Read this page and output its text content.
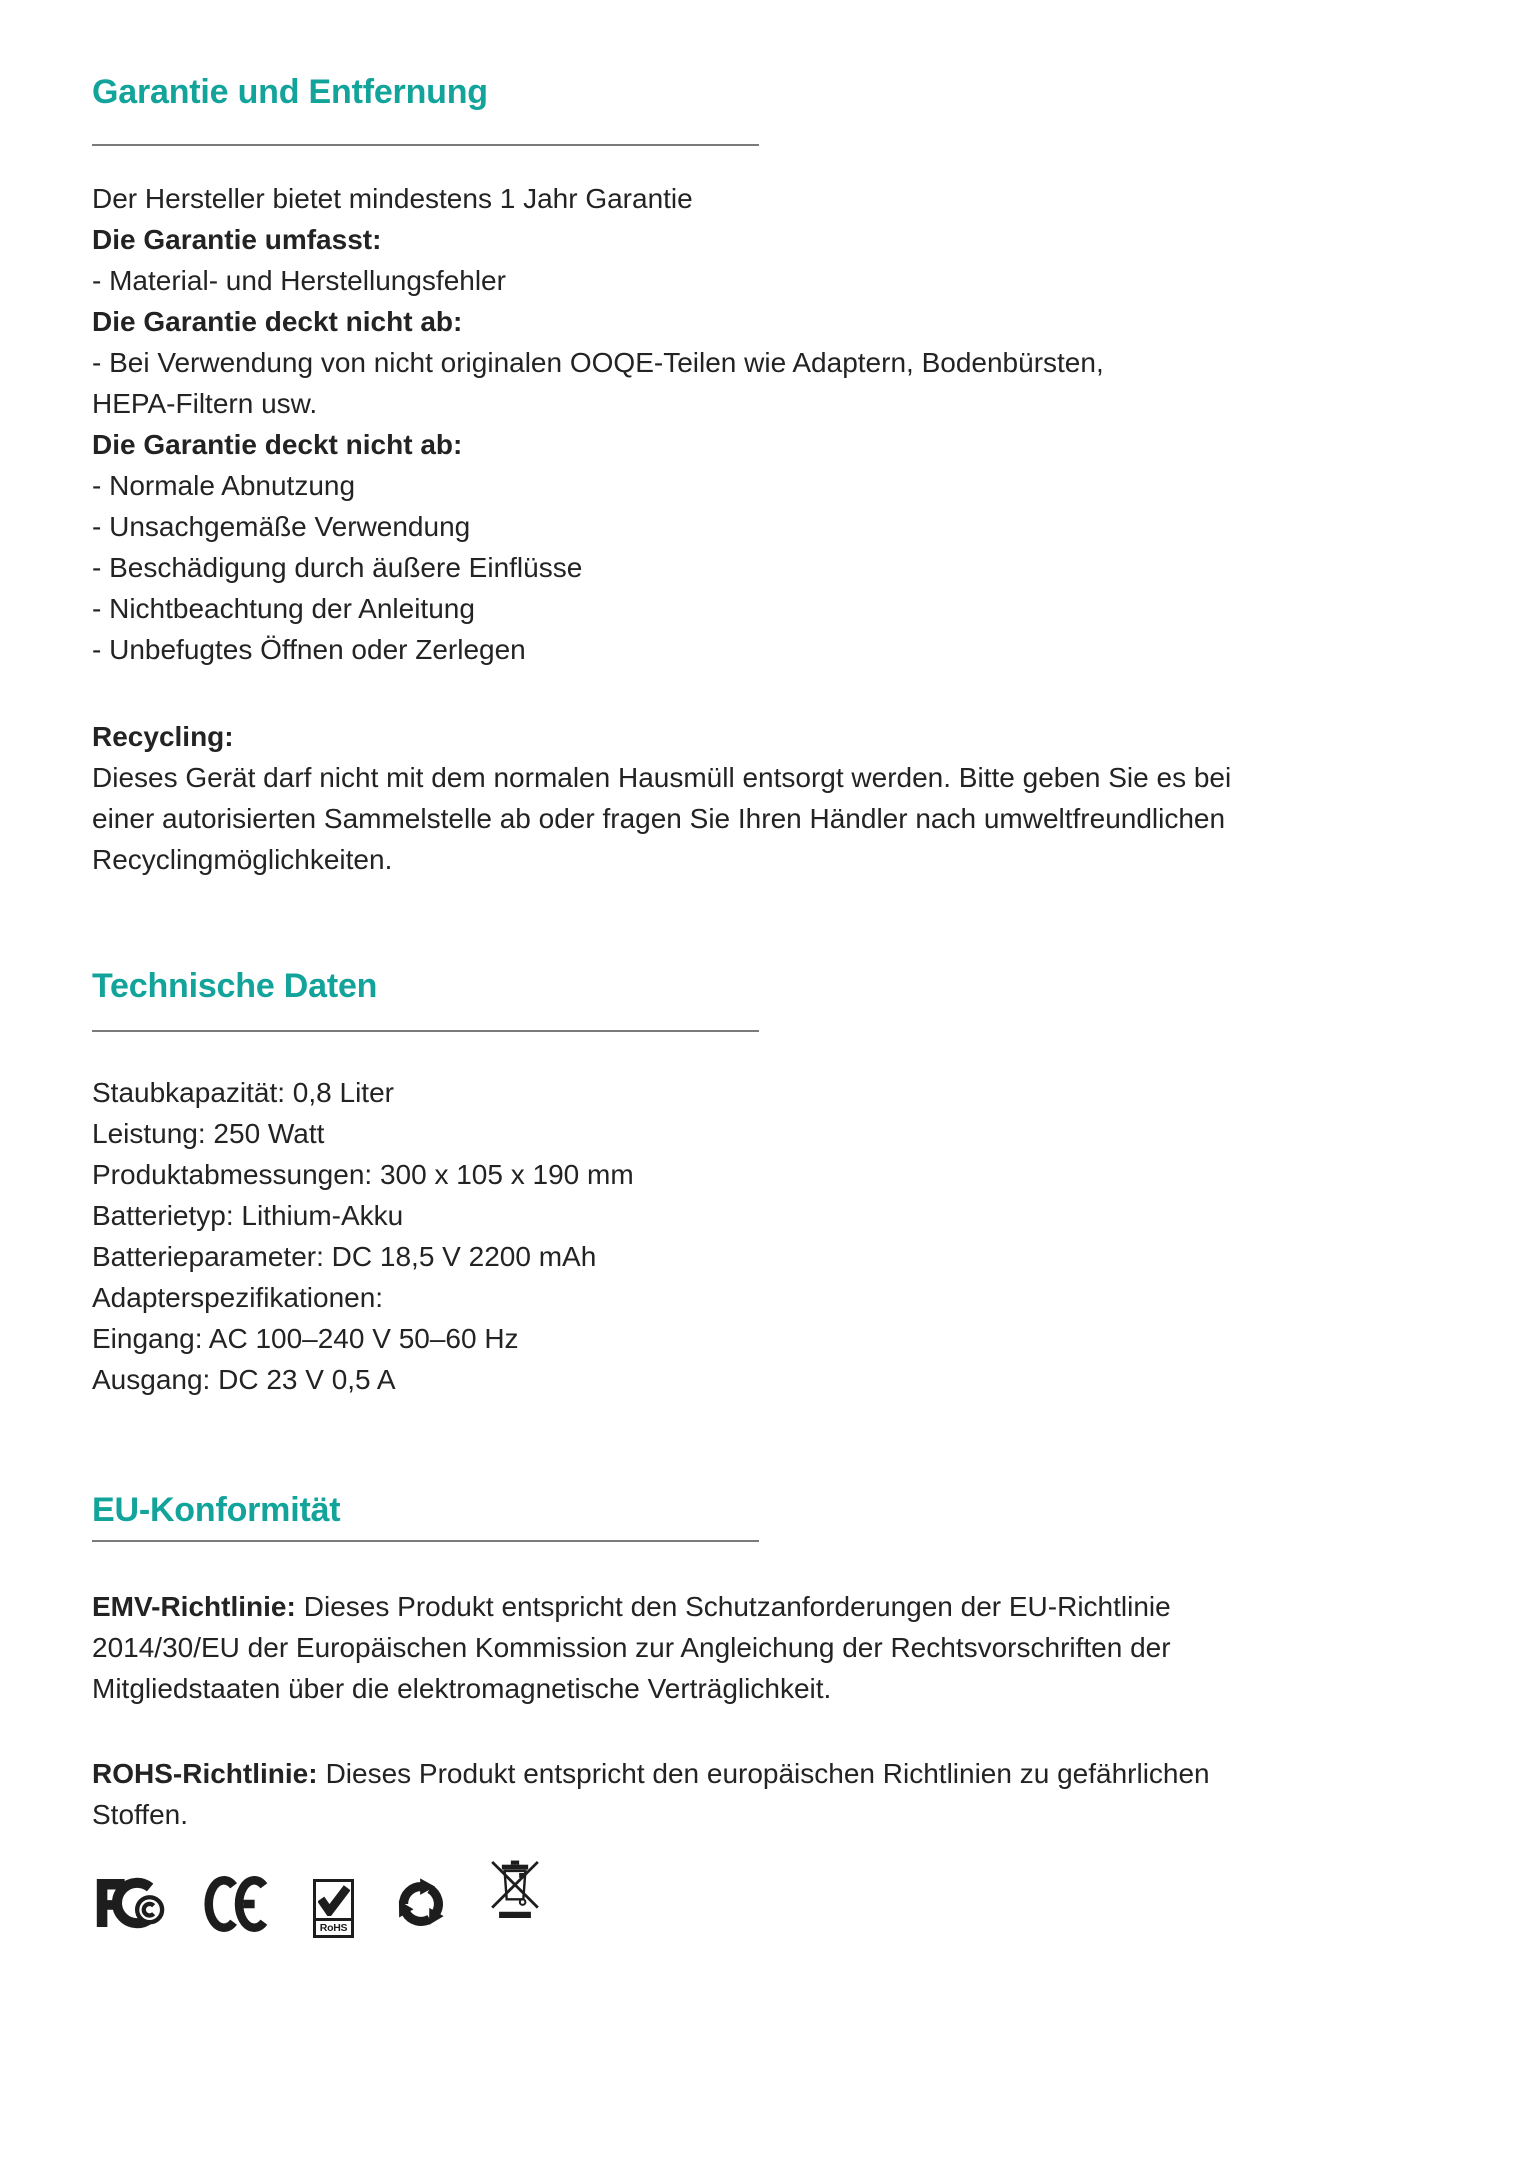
Garantie und Entfernung
Der Hersteller bietet mindestens 1 Jahr Garantie
Die Garantie umfasst:
- Material- und Herstellungsfehler
Die Garantie deckt nicht ab:
- Bei Verwendung von nicht originalen OOQE-Teilen wie Adaptern, Bodenbürsten,
HEPA-Filtern usw.
Die Garantie deckt nicht ab:
- Normale Abnutzung
- Unsachgemäße Verwendung
- Beschädigung durch äußere Einflüsse
- Nichtbeachtung der Anleitung
- Unbefugtes Öffnen oder Zerlegen
Recycling:
Dieses Gerät darf nicht mit dem normalen Hausmüll entsorgt werden. Bitte geben Sie es bei
einer autorisierten Sammelstelle ab oder fragen Sie Ihren Händler nach umweltfreundlichen
Recyclingmöglichkeiten.
Technische Daten
Staubkapazität: 0,8 Liter
Leistung: 250 Watt
Produktabmessungen: 300 x 105 x 190 mm
Batterietyp: Lithium-Akku
Batterieparameter: DC 18,5 V 2200 mAh
Adapterspezifikationen:
Eingang: AC 100–240 V 50–60 Hz
Ausgang: DC 23 V 0,5 A
EU-Konformität
EMV-Richtlinie: Dieses Produkt entspricht den Schutzanforderungen der EU-Richtlinie
2014/30/EU der Europäischen Kommission zur Angleichung der Rechtsvorschriften der
Mitgliedstaaten über die elektromagnetische Verträglichkeit.
ROHS-Richtlinie: Dieses Produkt entspricht den europäischen Richtlinien zu gefährlichen
Stoffen.
RoHS
